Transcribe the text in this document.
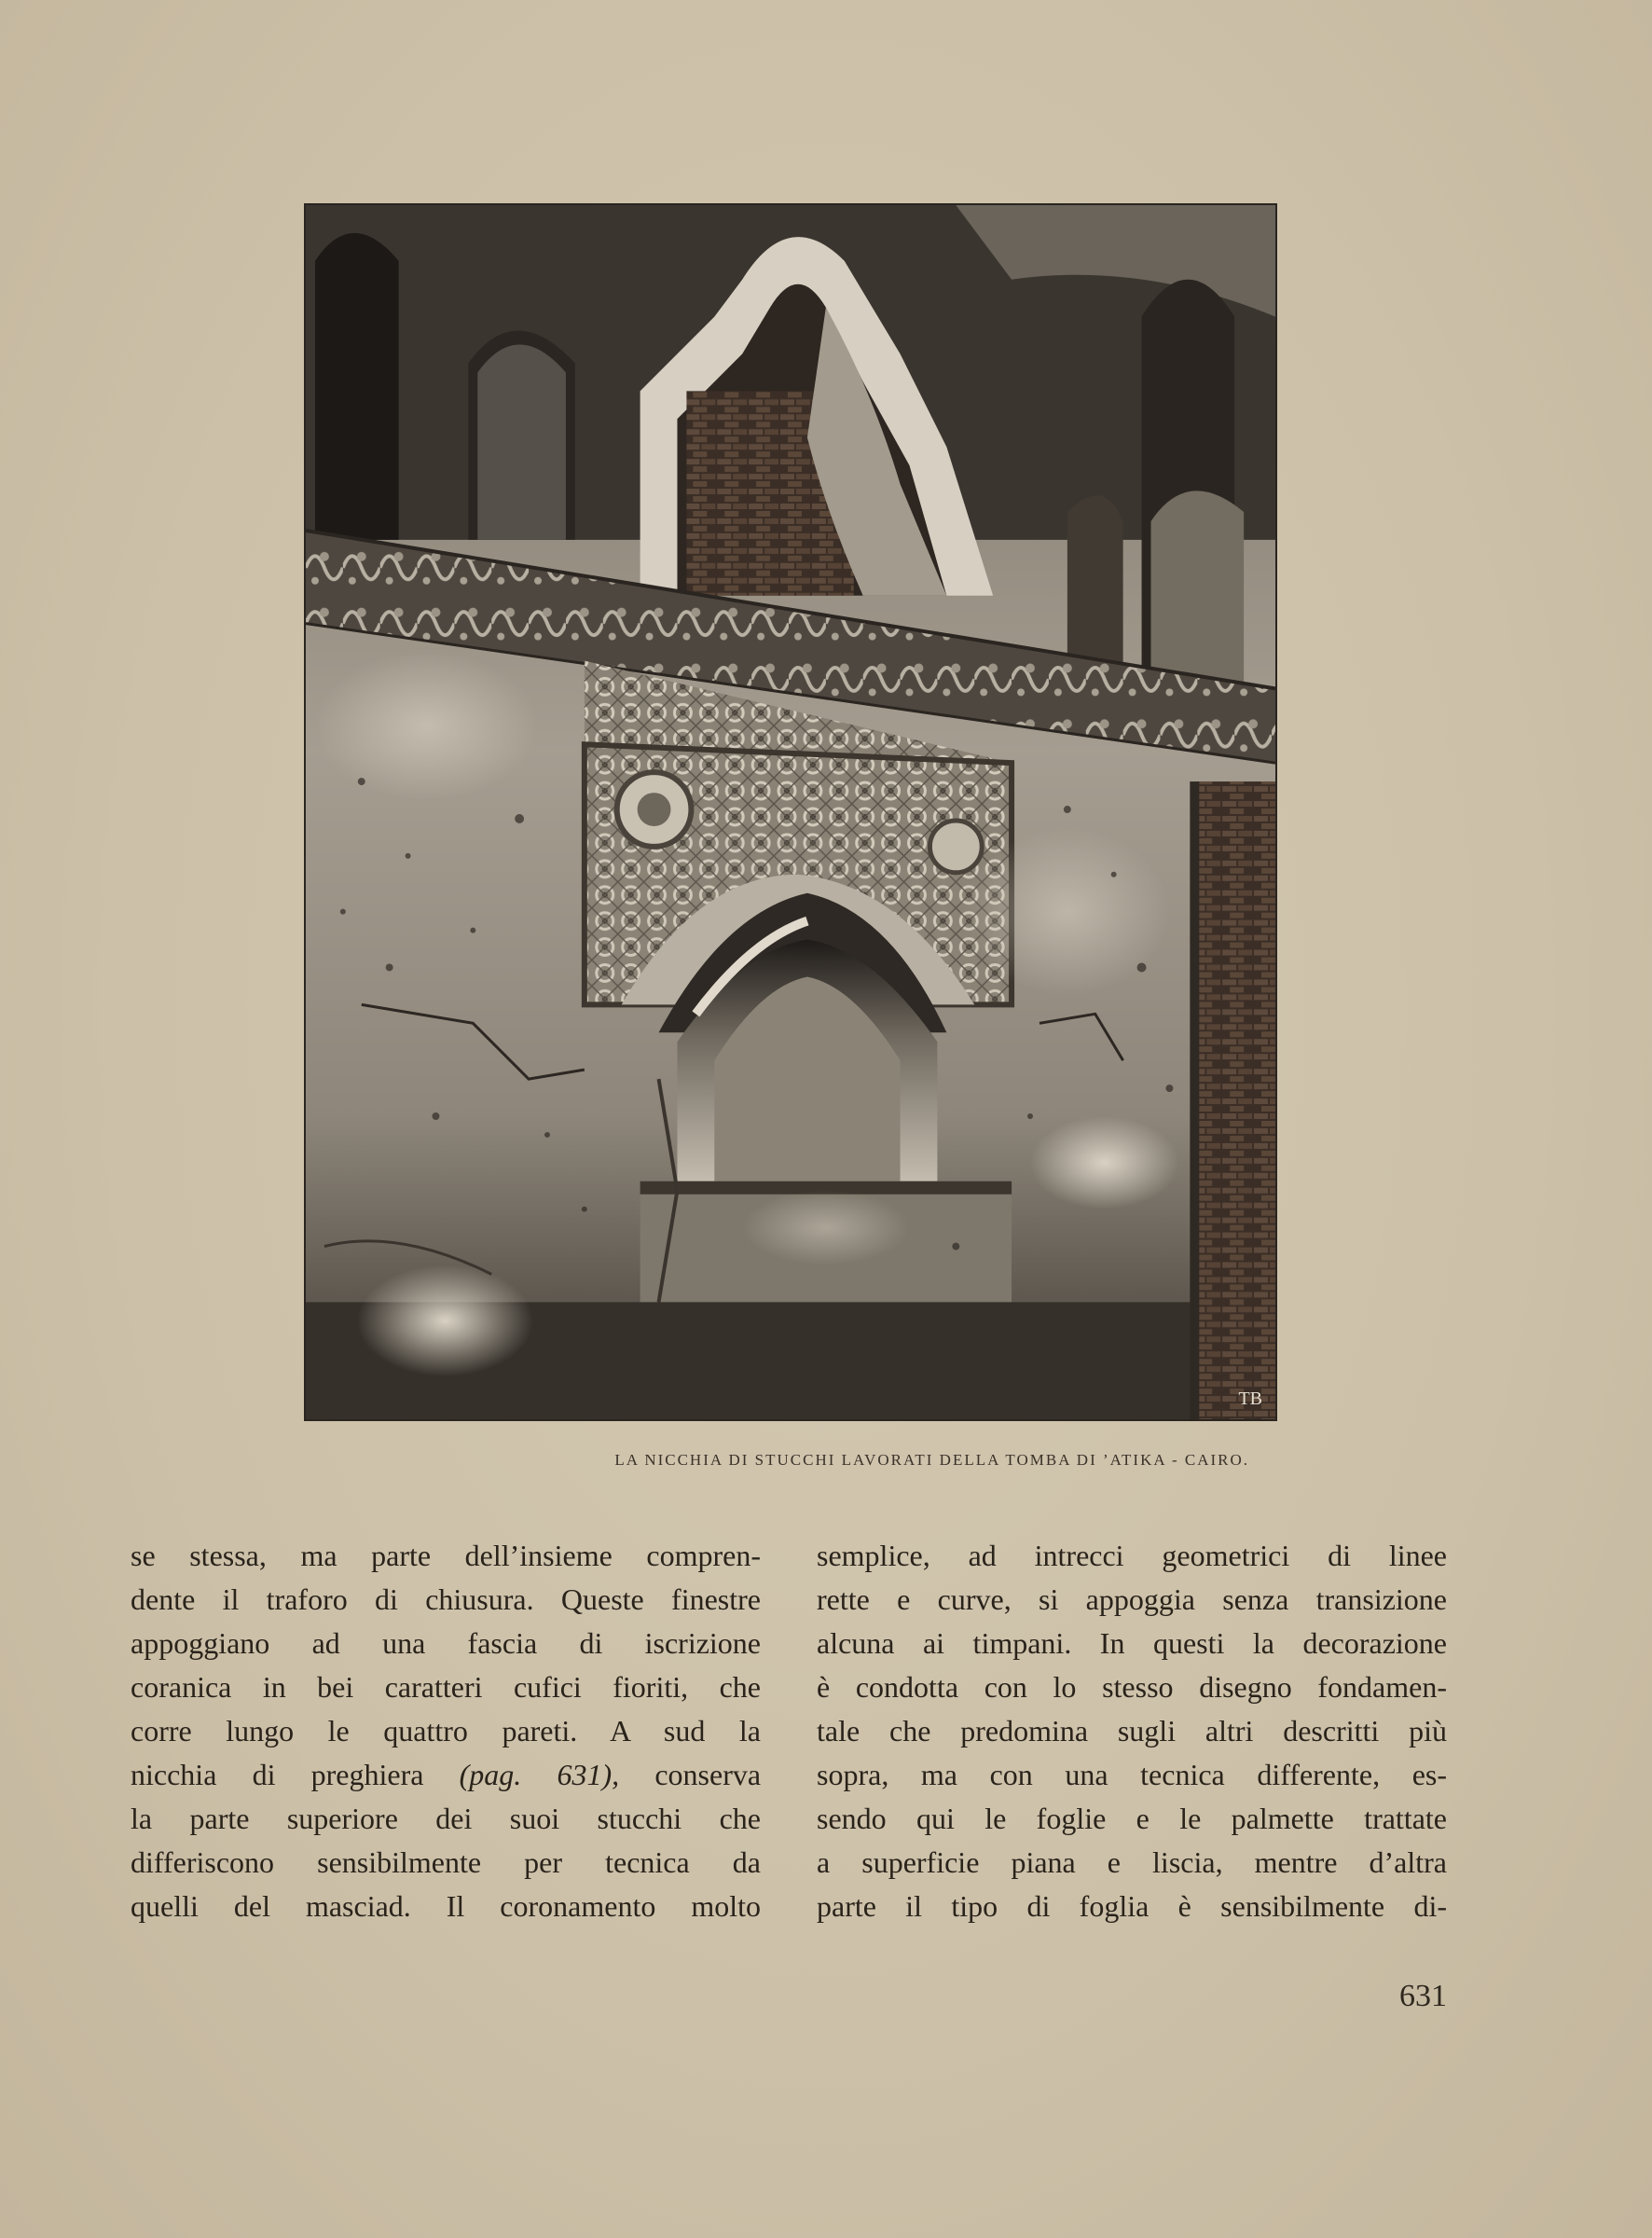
TB
LA NICCHIA DI STUCCHI LAVORATI DELLA TOMBA DI ’ATIKA - CAIRO.
se stessa, ma parte dell’insieme compren-
dente il traforo di chiusura. Queste finestre
appoggiano ad una fascia di iscrizione
coranica in bei caratteri cufici fioriti, che
corre lungo le quattro pareti. A sud la
nicchia di preghiera (pag. 631), conserva
la parte superiore dei suoi stucchi che
differiscono sensibilmente per tecnica da
quelli del masciad. Il coronamento molto
semplice, ad intrecci geometrici di linee
rette e curve, si appoggia senza transizione
alcuna ai timpani. In questi la decorazione
è condotta con lo stesso disegno fondamen-
tale che predomina sugli altri descritti più
sopra, ma con una tecnica differente, es-
sendo qui le foglie e le palmette trattate
a superficie piana e liscia, mentre d’altra
parte il tipo di foglia è sensibilmente di-
631
